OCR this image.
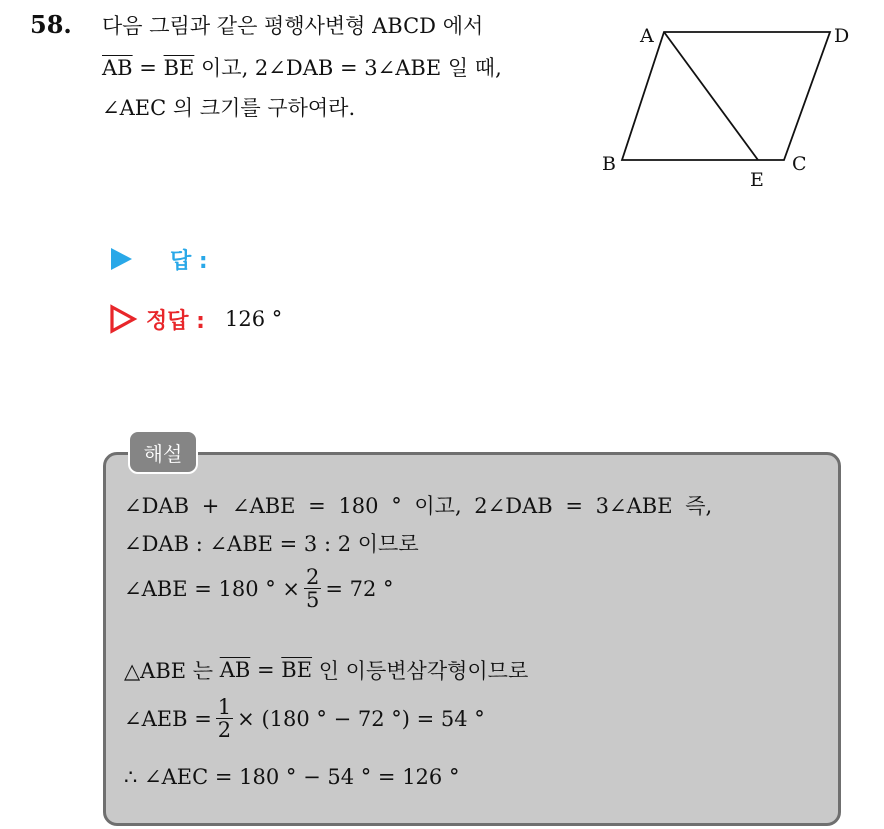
58. 다음 그림과 같은 평행사변형 ABCD 에서
$\overline{AB} = \overline{BE}$ 이고, 2∠DAB = 3∠ABE 일 때,
∠AEC 의 크기를 구하여라.
A	D
B	C
E
답 :
정답 : 126 °
해설
∠DAB + ∠ABE = 180 ° 이고, 2∠DAB = 3∠ABE 즉,
∠DAB : ∠ABE = 3 : 2 이므로
∠ABE = 180 ° × $\frac{2}{5} = 72$ °
△ABE 는 $\overline{AB} = \overline{BE}$ 인 이등변삼각형이므로
∠AEB = $\frac{1}{2} \times (180$ ° − 72 °) = 54 °
∴ ∠AEC = 180 ° − 54 ° = 126 °
